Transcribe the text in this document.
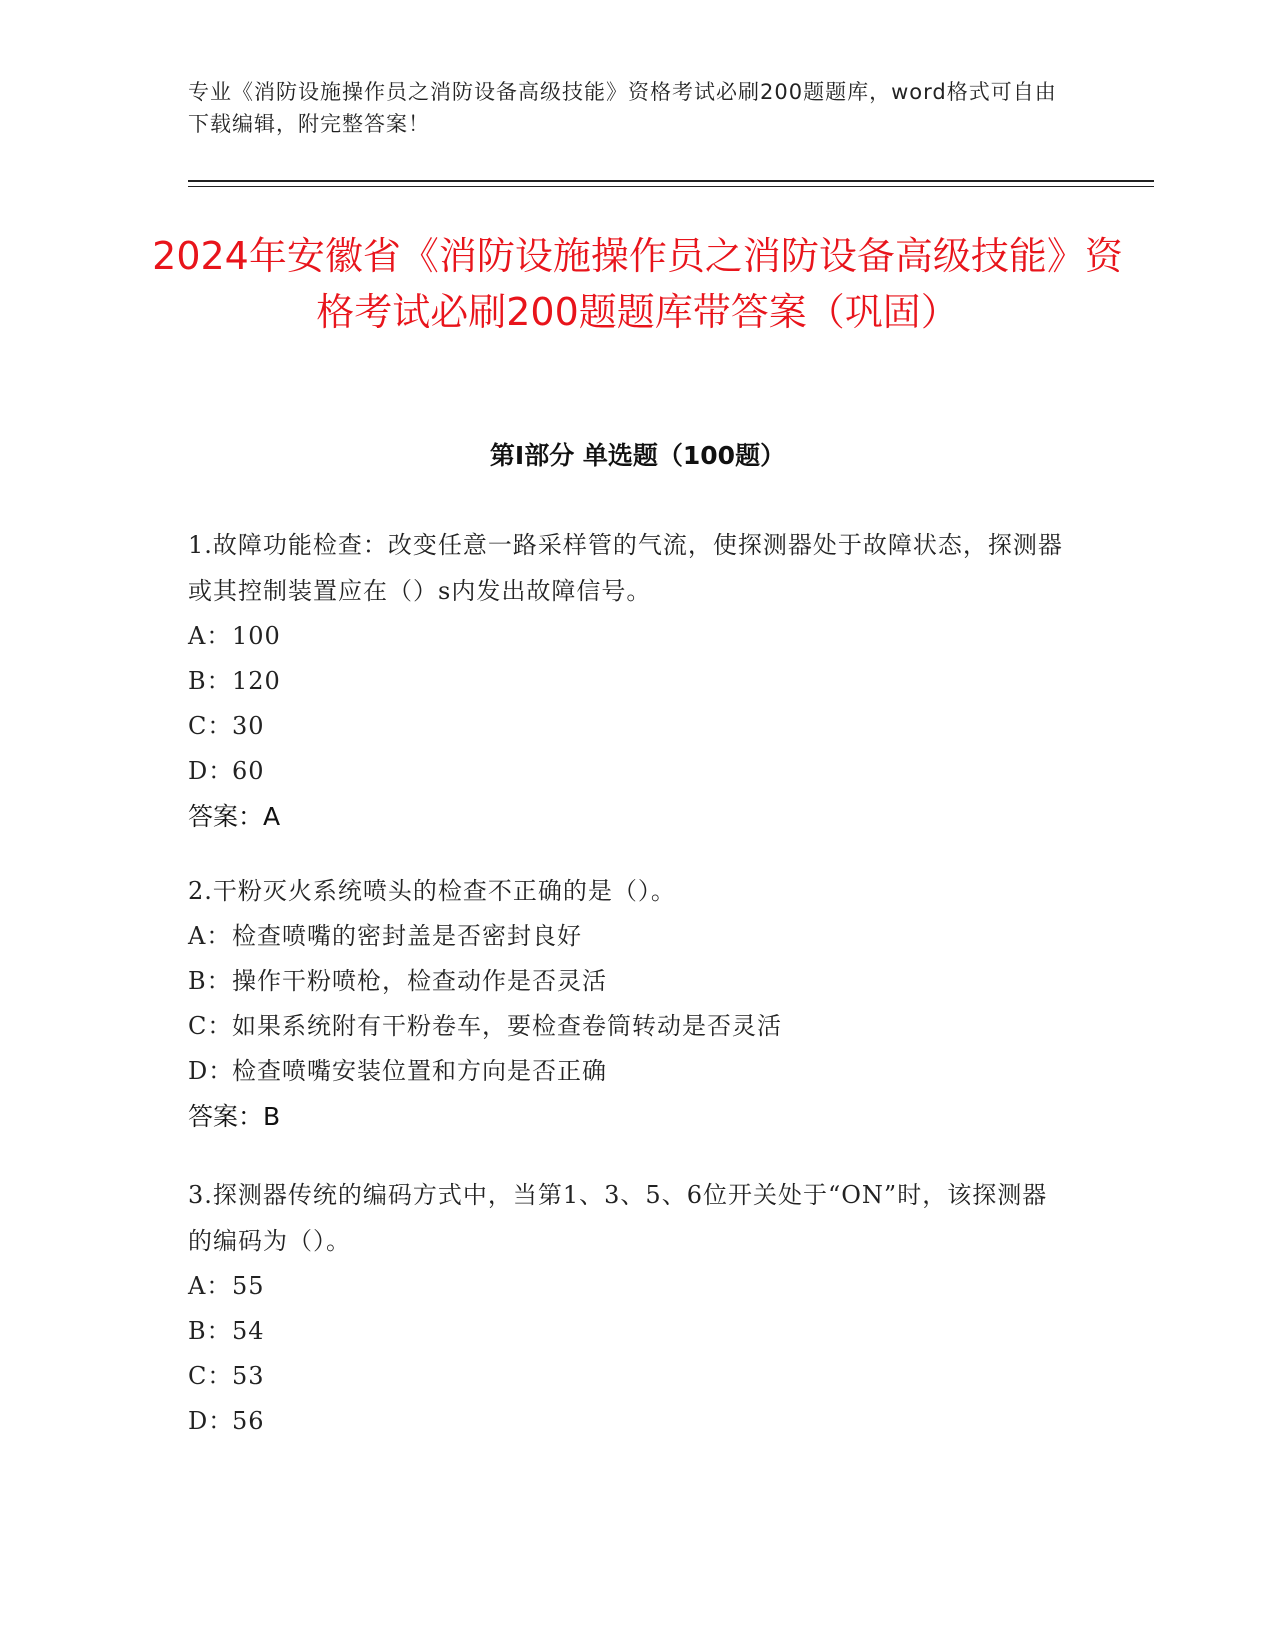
专业《消防设施操作员之消防设备高级技能》资格考试必刷200题题库，word格式可自由下载编辑，附完整答案！
2024年安徽省《消防设施操作员之消防设备高级技能》资格考试必刷200题题库带答案（巩固）
第I部分 单选题（100题）
1.故障功能检查：改变任意一路采样管的气流，使探测器处于故障状态，探测器或其控制装置应在（）s内发出故障信号。
A：100
B：120
C：30
D：60
答案：A
2.干粉灭火系统喷头的检查不正确的是（）。
A：检查喷嘴的密封盖是否密封良好
B：操作干粉喷枪，检查动作是否灵活
C：如果系统附有干粉卷车，要检查卷筒转动是否灵活
D：检查喷嘴安装位置和方向是否正确
答案：B
3.探测器传统的编码方式中，当第1、3、5、6位开关处于“ON”时，该探测器的编码为（）。
A：55
B：54
C：53
D：56
